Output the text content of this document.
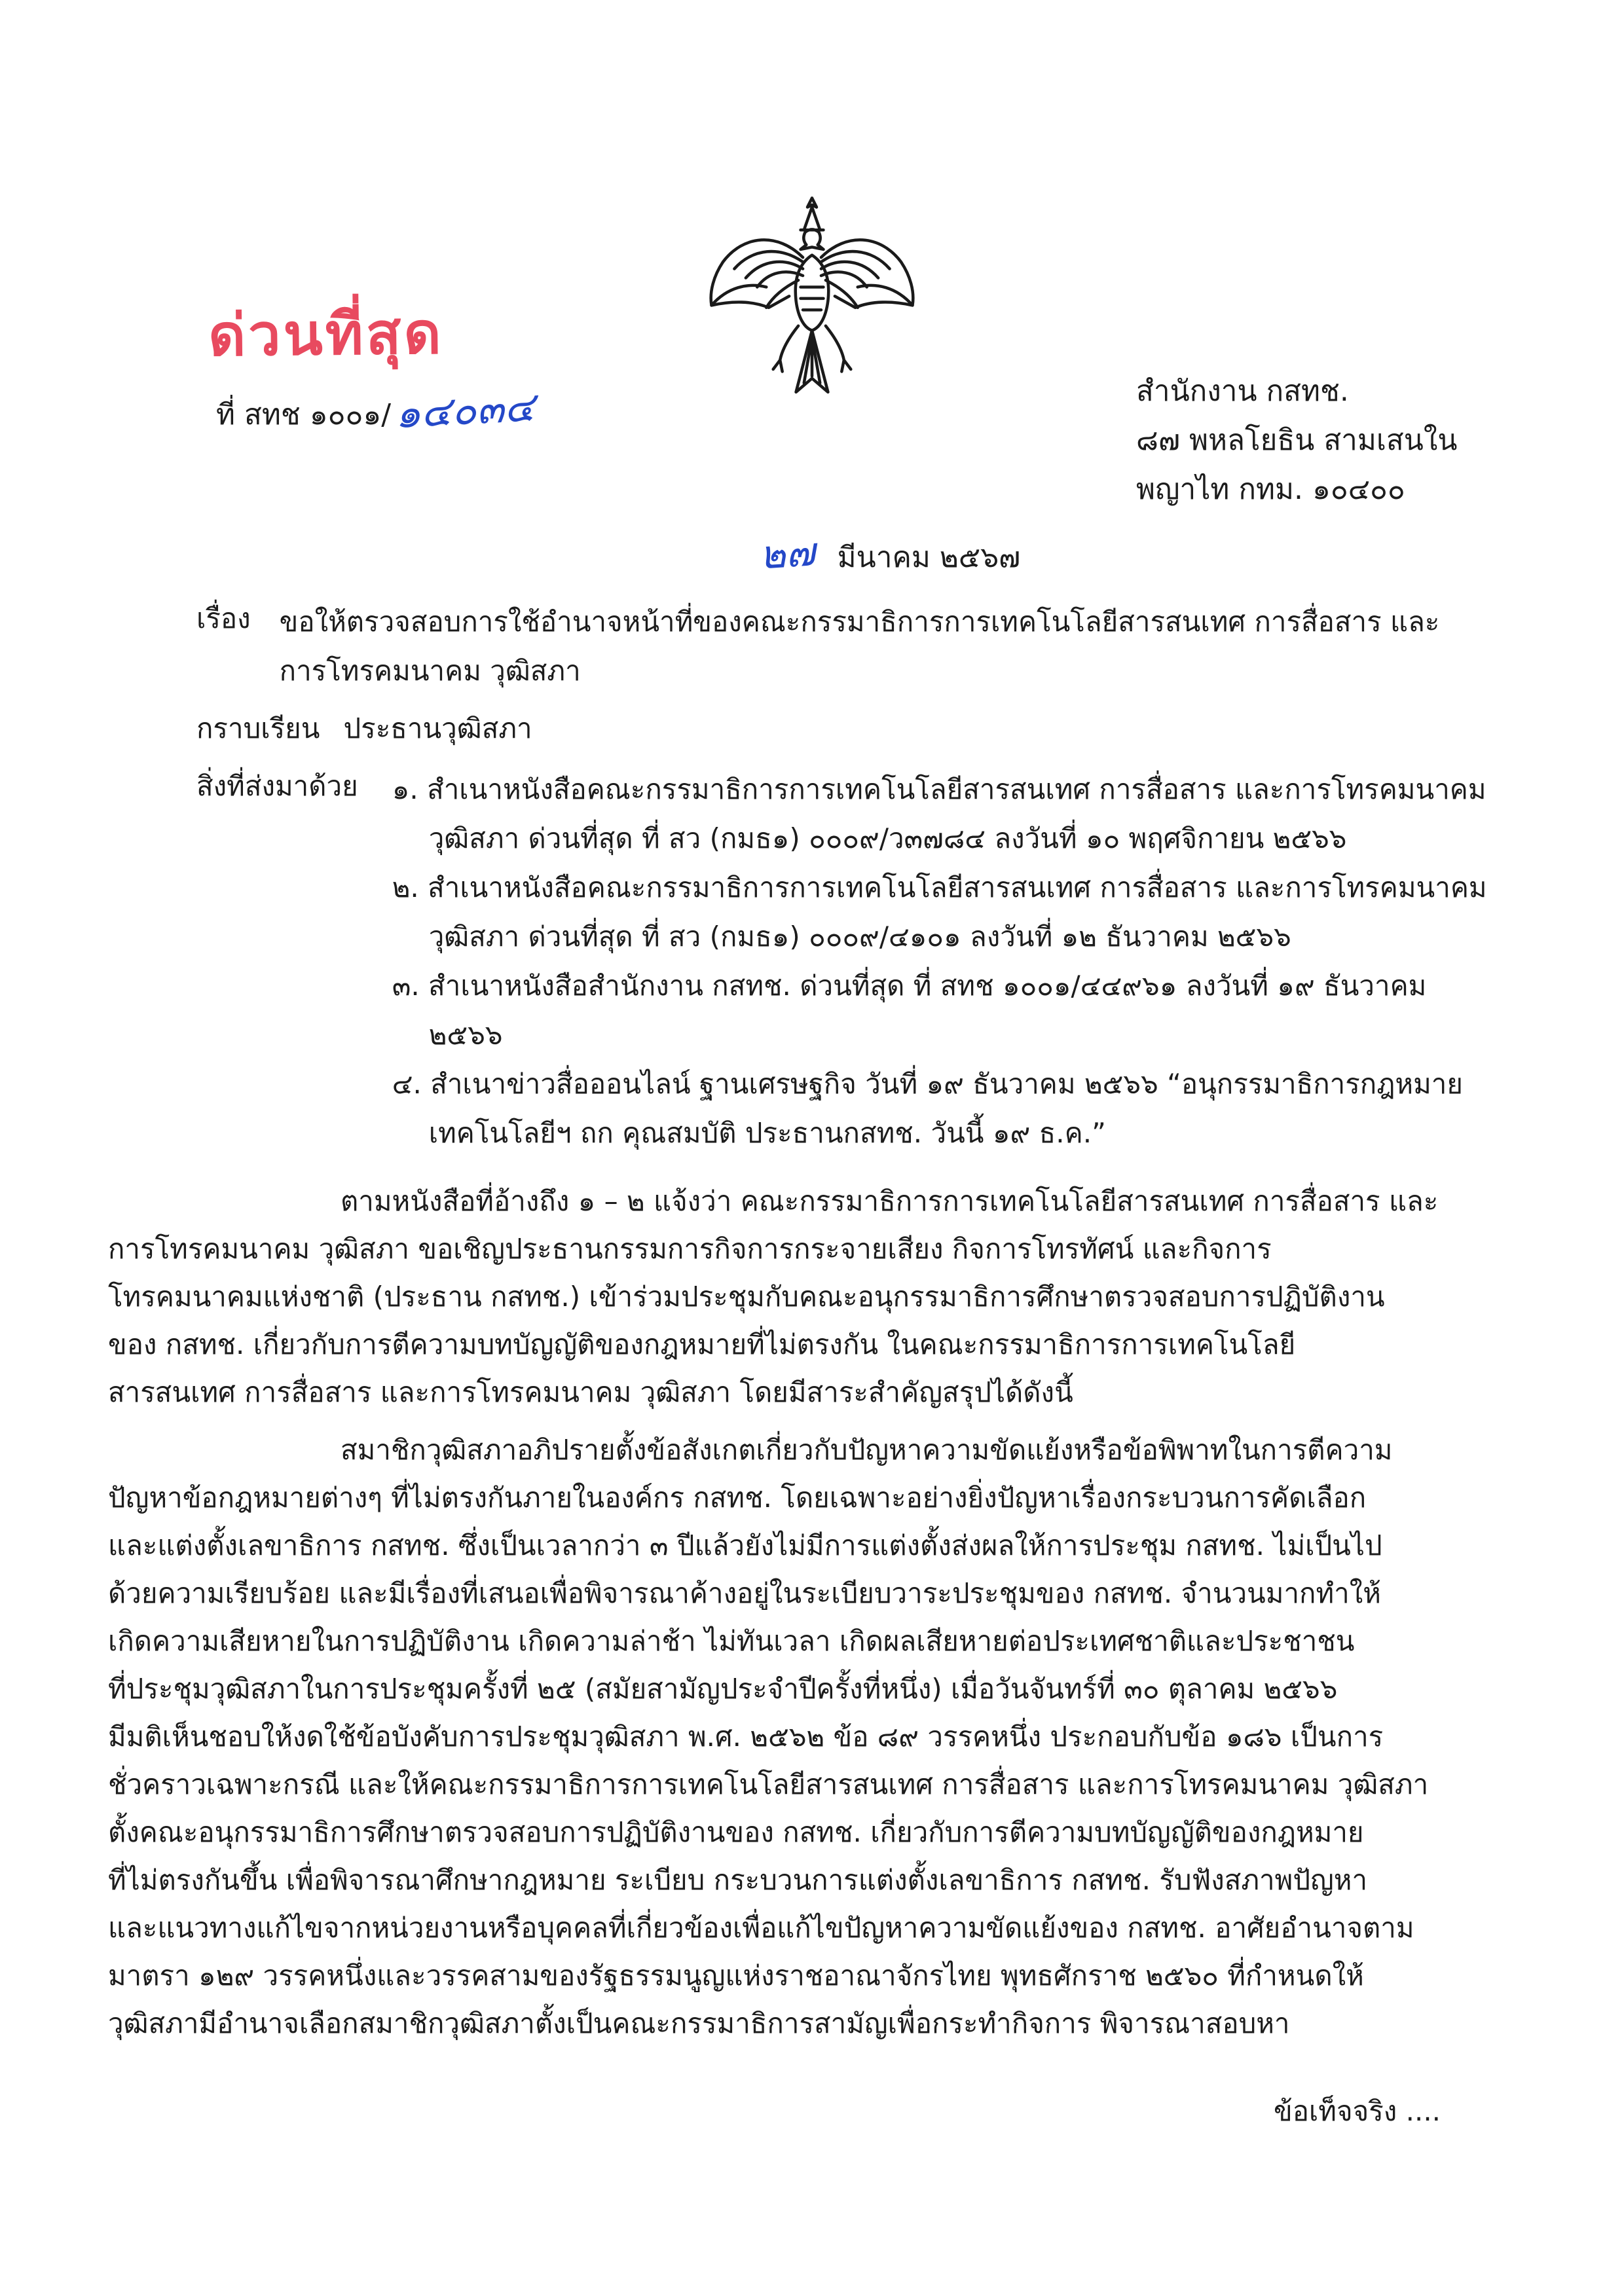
ด่วนที่สุด
ที่ สทช ๑๐๐๑/๑๔๐๓๔	สำนักงาน กสทช.
๘๗ พหลโยธิน สามเสนใน
พญาไท กทม. ๑๐๔๐๐
๒๗ มีนาคม ๒๕๖๗
เรื่อง ขอให้ตรวจสอบการใช้อำนาจหน้าที่ของคณะกรรมาธิการการเทคโนโลยีสารสนเทศ การสื่อสาร และ
การโทรคมนาคม วุฒิสภา
กราบเรียน ประธานวุฒิสภา
สิ่งที่ส่งมาด้วย ๑. สำเนาหนังสือคณะกรรมาธิการการเทคโนโลยีสารสนเทศ การสื่อสาร และการโทรคมนาคม
วุฒิสภา ด่วนที่สุด ที่ สว (กมธ๑) ๐๐๐๙/ว๓๗๘๔ ลงวันที่ ๑๐ พฤศจิกายน ๒๕๖๖
๒. สำเนาหนังสือคณะกรรมาธิการการเทคโนโลยีสารสนเทศ การสื่อสาร และการโทรคมนาคม
วุฒิสภา ด่วนที่สุด ที่ สว (กมธ๑) ๐๐๐๙/๔๑๐๑ ลงวันที่ ๑๒ ธันวาคม ๒๕๖๖
๓. สำเนาหนังสือสำนักงาน กสทช. ด่วนที่สุด ที่ สทช ๑๐๐๑/๔๔๙๖๑ ลงวันที่ ๑๙ ธันวาคม
๒๕๖๖
๔. สำเนาข่าวสื่อออนไลน์ ฐานเศรษฐกิจ วันที่ ๑๙ ธันวาคม ๒๕๖๖ “อนุกรรมาธิการกฎหมาย
เทคโนโลยีฯ ถก คุณสมบัติ ประธานกสทช. วันนี้ ๑๙ ธ.ค.”
ตามหนังสือที่อ้างถึง ๑ – ๒ แจ้งว่า คณะกรรมาธิการการเทคโนโลยีสารสนเทศ การสื่อสาร และ
การโทรคมนาคม วุฒิสภา ขอเชิญประธานกรรมการกิจการกระจายเสียง กิจการโทรทัศน์ และกิจการ
โทรคมนาคมแห่งชาติ (ประธาน กสทช.) เข้าร่วมประชุมกับคณะอนุกรรมาธิการศึกษาตรวจสอบการปฏิบัติงาน
ของ กสทช. เกี่ยวกับการตีความบทบัญญัติของกฎหมายที่ไม่ตรงกัน ในคณะกรรมาธิการการเทคโนโลยี
สารสนเทศ การสื่อสาร และการโทรคมนาคม วุฒิสภา โดยมีสาระสำคัญสรุปได้ดังนี้
สมาชิกวุฒิสภาอภิปรายตั้งข้อสังเกตเกี่ยวกับปัญหาความขัดแย้งหรือข้อพิพาทในการตีความ
ปัญหาข้อกฎหมายต่างๆ ที่ไม่ตรงกันภายในองค์กร กสทช. โดยเฉพาะอย่างยิ่งปัญหาเรื่องกระบวนการคัดเลือก
และแต่งตั้งเลขาธิการ กสทช. ซึ่งเป็นเวลากว่า ๓ ปีแล้วยังไม่มีการแต่งตั้งส่งผลให้การประชุม กสทช. ไม่เป็นไป
ด้วยความเรียบร้อย และมีเรื่องที่เสนอเพื่อพิจารณาค้างอยู่ในระเบียบวาระประชุมของ กสทช. จำนวนมากทำให้
เกิดความเสียหายในการปฏิบัติงาน เกิดความล่าช้า ไม่ทันเวลา เกิดผลเสียหายต่อประเทศชาติและประชาชน
ที่ประชุมวุฒิสภาในการประชุมครั้งที่ ๒๕ (สมัยสามัญประจำปีครั้งที่หนึ่ง) เมื่อวันจันทร์ที่ ๓๐ ตุลาคม ๒๕๖๖
มีมติเห็นชอบให้งดใช้ข้อบังคับการประชุมวุฒิสภา พ.ศ. ๒๕๖๒ ข้อ ๘๙ วรรคหนึ่ง ประกอบกับข้อ ๑๘๖ เป็นการ
ชั่วคราวเฉพาะกรณี และให้คณะกรรมาธิการการเทคโนโลยีสารสนเทศ การสื่อสาร และการโทรคมนาคม วุฒิสภา
ตั้งคณะอนุกรรมาธิการศึกษาตรวจสอบการปฏิบัติงานของ กสทช. เกี่ยวกับการตีความบทบัญญัติของกฎหมาย
ที่ไม่ตรงกันขึ้น เพื่อพิจารณาศึกษากฎหมาย ระเบียบ กระบวนการแต่งตั้งเลขาธิการ กสทช. รับฟังสภาพปัญหา
และแนวทางแก้ไขจากหน่วยงานหรือบุคคลที่เกี่ยวข้องเพื่อแก้ไขปัญหาความขัดแย้งของ กสทช. อาศัยอำนาจตาม
มาตรา ๑๒๙ วรรคหนึ่งและวรรคสามของรัฐธรรมนูญแห่งราชอาณาจักรไทย พุทธศักราช ๒๕๖๐ ที่กำหนดให้
วุฒิสภามีอำนาจเลือกสมาชิกวุฒิสภาตั้งเป็นคณะกรรมาธิการสามัญเพื่อกระทำกิจการ พิจารณาสอบหา
ข้อเท็จจริง ....
